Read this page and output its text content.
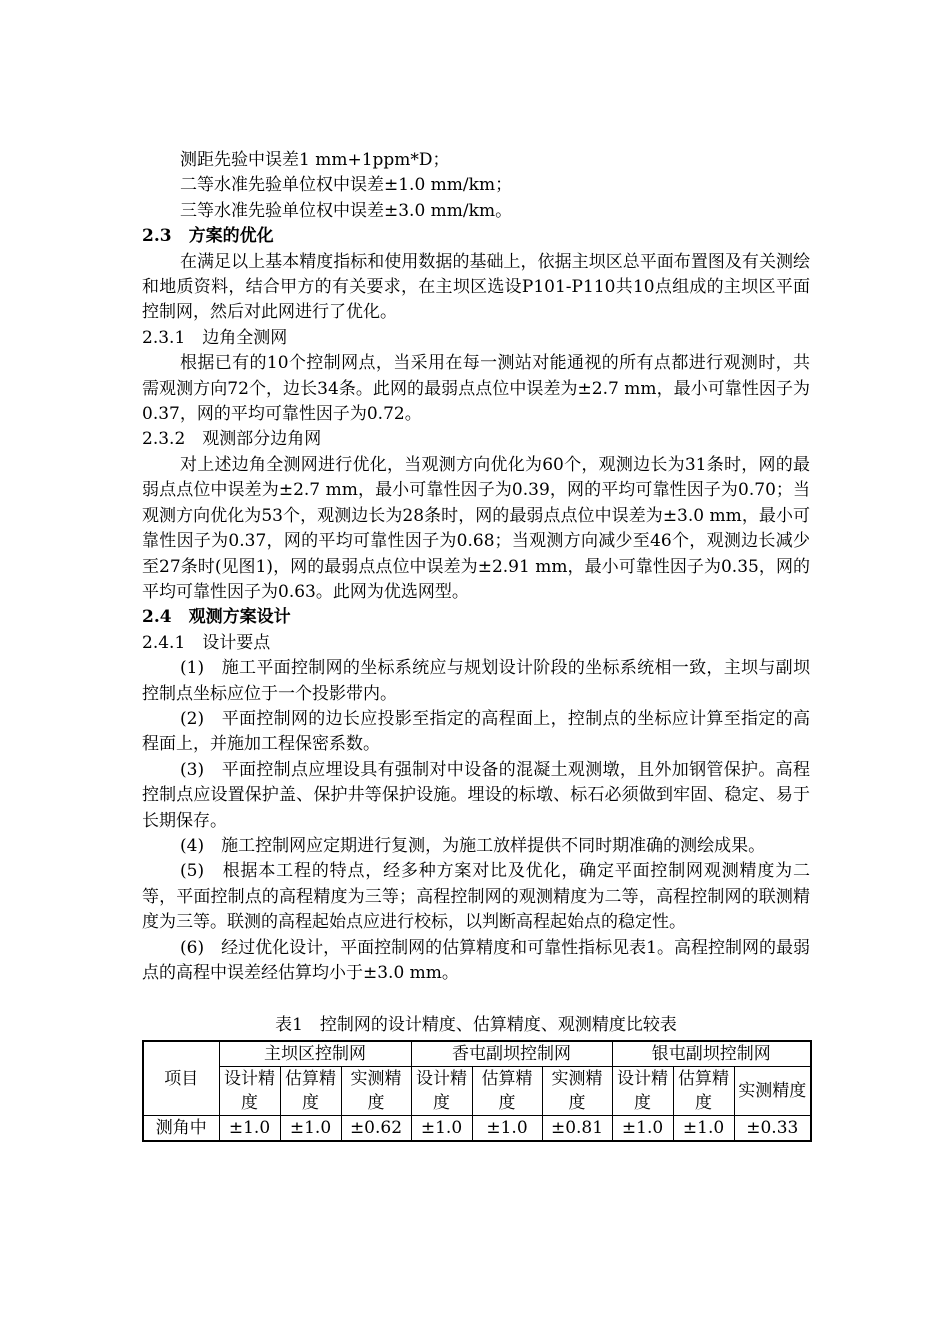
测距先验中误差1 mm+1ppm*D；

二等水准先验单位权中误差±1.0 mm/km；

三等水准先验单位权中误差±3.0 mm/km。

2.3　方案的优化

在满足以上基本精度指标和使用数据的基础上，依据主坝区总平面布置图及有关测绘和地质资料，结合甲方的有关要求，在主坝区选设P101-P110共10点组成的主坝区平面控制网，然后对此网进行了优化。

2.3.1　边角全测网

根据已有的10个控制网点，当采用在每一测站对能通视的所有点都进行观测时，共需观测方向72个，边长34条。此网的最弱点点位中误差为±2.7 mm，最小可靠性因子为0.37，网的平均可靠性因子为0.72。

2.3.2　观测部分边角网

对上述边角全测网进行优化，当观测方向优化为60个，观测边长为31条时，网的最弱点点位中误差为±2.7 mm，最小可靠性因子为0.39，网的平均可靠性因子为0.70；当观测方向优化为53个，观测边长为28条时，网的最弱点点位中误差为±3.0 mm，最小可靠性因子为0.37，网的平均可靠性因子为0.68；当观测方向减少至46个，观测边长减少至27条时(见图1)，网的最弱点点位中误差为±2.91 mm，最小可靠性因子为0.35，网的平均可靠性因子为0.63。此网为优选网型。

2.4　观测方案设计

2.4.1　设计要点

(1)　施工平面控制网的坐标系统应与规划设计阶段的坐标系统相一致，主坝与副坝控制点坐标应位于一个投影带内。

(2)　平面控制网的边长应投影至指定的高程面上，控制点的坐标应计算至指定的高程面上，并施加工程保密系数。

(3)　平面控制点应埋设具有强制对中设备的混凝土观测墩，且外加钢管保护。高程控制点应设置保护盖、保护井等保护设施。埋设的标墩、标石必须做到牢固、稳定、易于长期保存。

(4)　施工控制网应定期进行复测，为施工放样提供不同时期准确的测绘成果。

(5)　根据本工程的特点，经多种方案对比及优化，确定平面控制网观测精度为二等，平面控制点的高程精度为三等；高程控制网的观测精度为二等，高程控制网的联测精度为三等。联测的高程起始点应进行校标，以判断高程起始点的稳定性。

(6)　经过优化设计，平面控制网的估算精度和可靠性指标见表1。高程控制网的最弱点的高程中误差经估算均小于±3.0 mm。

表1　控制网的设计精度、估算精度、观测精度比较表

项目	主坝区控制网			香屯副坝控制网			银屯副坝控制网		
	设计精度	估算精度	实测精度	设计精度	估算精度	实测精度	设计精度	估算精度	实测精度
测角中	±1.0	±1.0	±0.62	±1.0	±1.0	±0.81	±1.0	±1.0	±0.33
